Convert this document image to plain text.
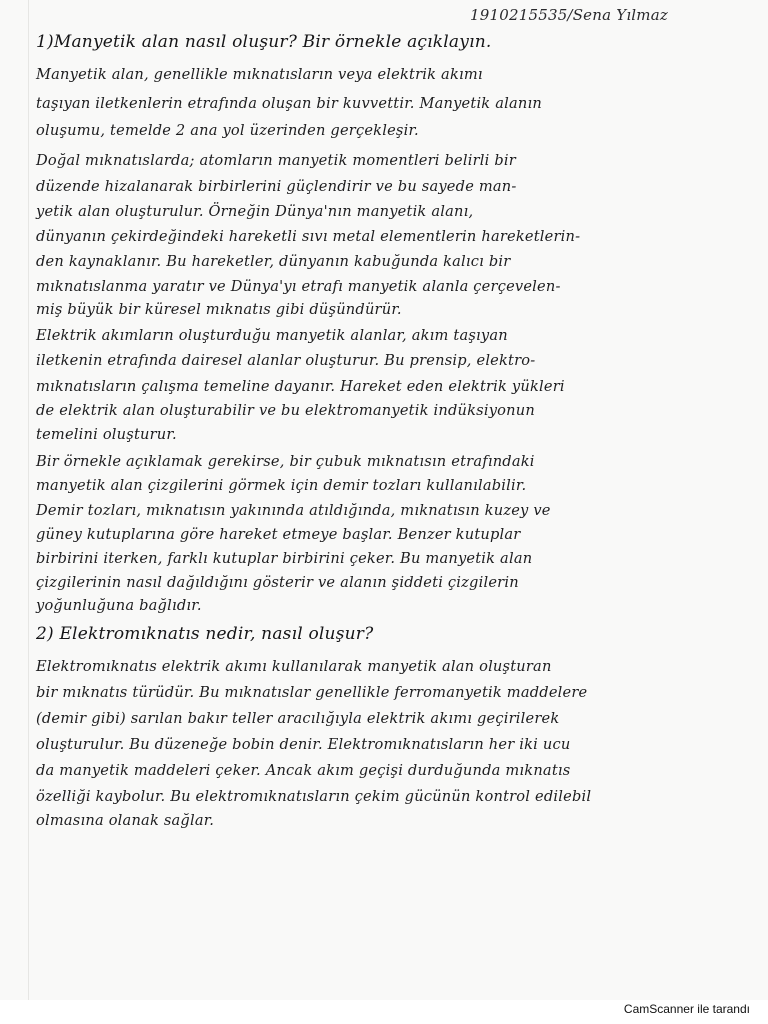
1910215535/Sena Yılmaz
1)Manyetik alan nasıl oluşur? Bir örnekle açıklayın.
Manyetik alan, genellikle mıknatısların veya elektrik akımı
taşıyan iletkenlerin etrafında oluşan bir kuvvettir. Manyetik alanın
oluşumu, temelde 2 ana yol üzerinden gerçekleşir.
Doğal mıknatıslarda; atomların manyetik momentleri belirli bir
düzende hizalanarak birbirlerini güçlendirir ve bu sayede man-
yetik alan oluşturulur. Örneğin Dünya'nın manyetik alanı,
dünyanın çekirdeğindeki hareketli sıvı metal elementlerin hareketlerin-
den kaynaklanır. Bu hareketler, dünyanın kabuğunda kalıcı bir
mıknatıslanma yaratır ve Dünya'yı etrafı manyetik alanla çerçevelen-
miş büyük bir küresel mıknatıs gibi düşündürür.
Elektrik akımların oluşturduğu manyetik alanlar, akım taşıyan
iletkenin etrafında dairesel alanlar oluşturur. Bu prensip, elektro-
mıknatısların çalışma temeline dayanır. Hareket eden elektrik yükleri
de elektrik alan oluşturabilir ve bu elektromanyetik indüksiyonun
temelini oluşturur.
Bir örnekle açıklamak gerekirse, bir çubuk mıknatısın etrafındaki
manyetik alan çizgilerini görmek için demir tozları kullanılabilir.
Demir tozları, mıknatısın yakınında atıldığında, mıknatısın kuzey ve
güney kutuplarına göre hareket etmeye başlar. Benzer kutuplar
birbirini iterken, farklı kutuplar birbirini çeker. Bu manyetik alan
çizgilerinin nasıl dağıldığını gösterir ve alanın şiddeti çizgilerin
yoğunluğuna bağlıdır.
2) Elektromıknatıs nedir, nasıl oluşur?
Elektromıknatıs elektrik akımı kullanılarak manyetik alan oluşturan
bir mıknatıs türüdür. Bu mıknatıslar genellikle ferromanyetik maddelere
(demir gibi) sarılan bakır teller aracılığıyla elektrik akımı geçirilerek
oluşturulur. Bu düzeneğe bobin denir. Elektromıknatısların her iki ucu
da manyetik maddeleri çeker. Ancak akım geçişi durduğunda mıknatıs
özelliği kaybolur. Bu elektromıknatısların çekim gücünün kontrol edilebil
olmasına olanak sağlar.
CamScanner ile tarandı
